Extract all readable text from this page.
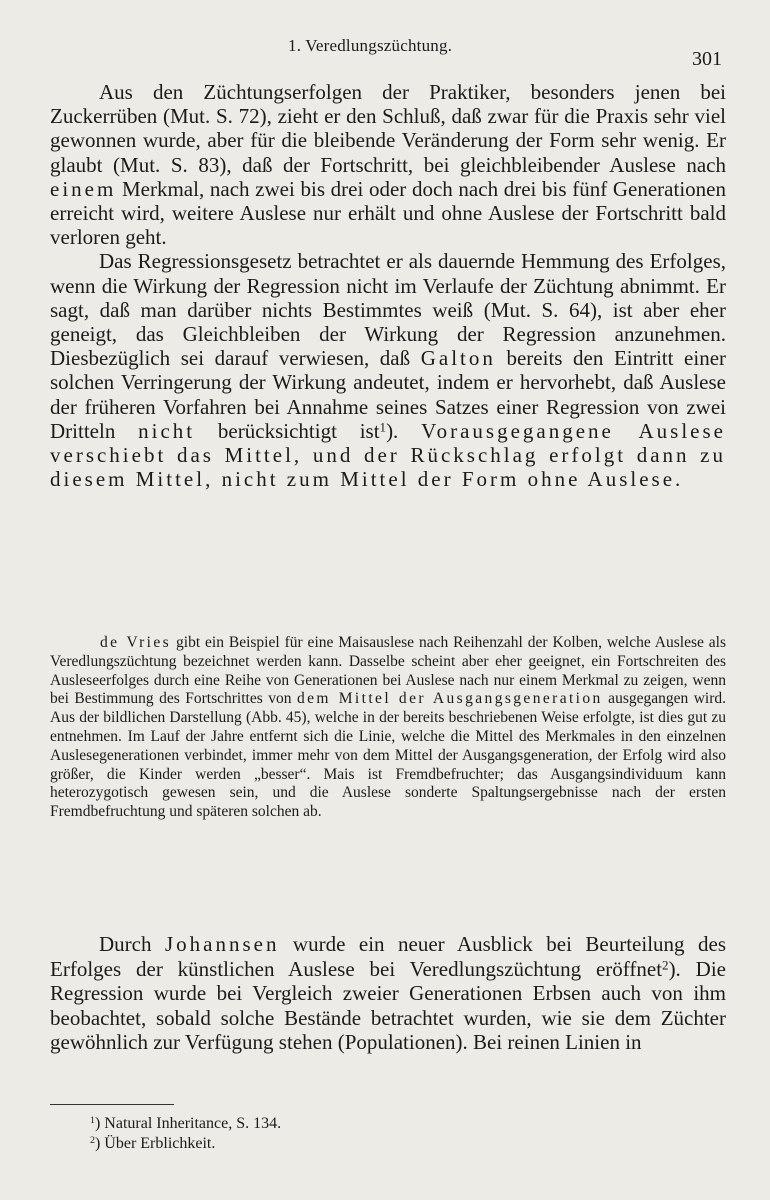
1. Veredlungszüchtung.
301

Aus den Züchtungserfolgen der Praktiker, besonders jenen bei Zuckerrüben (Mut. S. 72), zieht er den Schluß, daß zwar für die Praxis sehr viel gewonnen wurde, aber für die bleibende Veränderung der Form sehr wenig. Er glaubt (Mut. S. 83), daß der Fortschritt, bei gleichbleibender Auslese nach einem Merkmal, nach zwei bis drei oder doch nach drei bis fünf Generationen erreicht wird, weitere Auslese nur erhält und ohne Auslese der Fortschritt bald verloren geht.

Das Regressionsgesetz betrachtet er als dauernde Hemmung des Erfolges, wenn die Wirkung der Regression nicht im Verlaufe der Züchtung abnimmt. Er sagt, daß man darüber nichts Bestimmtes weiß (Mut. S. 64), ist aber eher geneigt, das Gleichbleiben der Wirkung der Regression anzunehmen. Diesbezüglich sei darauf verwiesen, daß Galton bereits den Eintritt einer solchen Verringerung der Wirkung andeutet, indem er hervorhebt, daß Auslese der früheren Vorfahren bei Annahme seines Satzes einer Regression von zwei Dritteln nicht berücksichtigt ist$^1$). Vorausgegangene Auslese verschiebt das Mittel, und der Rückschlag erfolgt dann zu diesem Mittel, nicht zum Mittel der Form ohne Auslese.

de Vries gibt ein Beispiel für eine Maisauslese nach Reihenzahl der Kolben, welche Auslese als Veredlungszüchtung bezeichnet werden kann. Dasselbe scheint aber eher geeignet, ein Fortschreiten des Ausleseerfolges durch eine Reihe von Generationen bei Auslese nach nur einem Merkmal zu zeigen, wenn bei Bestimmung des Fortschrittes von dem Mittel der Ausgangsgeneration ausgegangen wird. Aus der bildlichen Darstellung (Abb. 45), welche in der bereits beschriebenen Weise erfolgte, ist dies gut zu entnehmen. Im Lauf der Jahre entfernt sich die Linie, welche die Mittel des Merkmales in den einzelnen Auslesegenerationen verbindet, immer mehr von dem Mittel der Ausgangsgeneration, der Erfolg wird also größer, die Kinder werden „besser“. Mais ist Fremdbefruchter; das Ausgangsindividuum kann heterozygotisch gewesen sein, und die Auslese sonderte Spaltungsergebnisse nach der ersten Fremdbefruchtung und späteren solchen ab.

Durch Johannsen wurde ein neuer Ausblick bei Beurteilung des Erfolges der künstlichen Auslese bei Veredlungszüchtung eröffnet$^2$). Die Regression wurde bei Vergleich zweier Generationen Erbsen auch von ihm beobachtet, sobald solche Bestände betrachtet wurden, wie sie dem Züchter gewöhnlich zur Verfügung stehen (Populationen). Bei reinen Linien in

$^1$) Natural Inheritance, S. 134.
$^2$) Über Erblichkeit.
